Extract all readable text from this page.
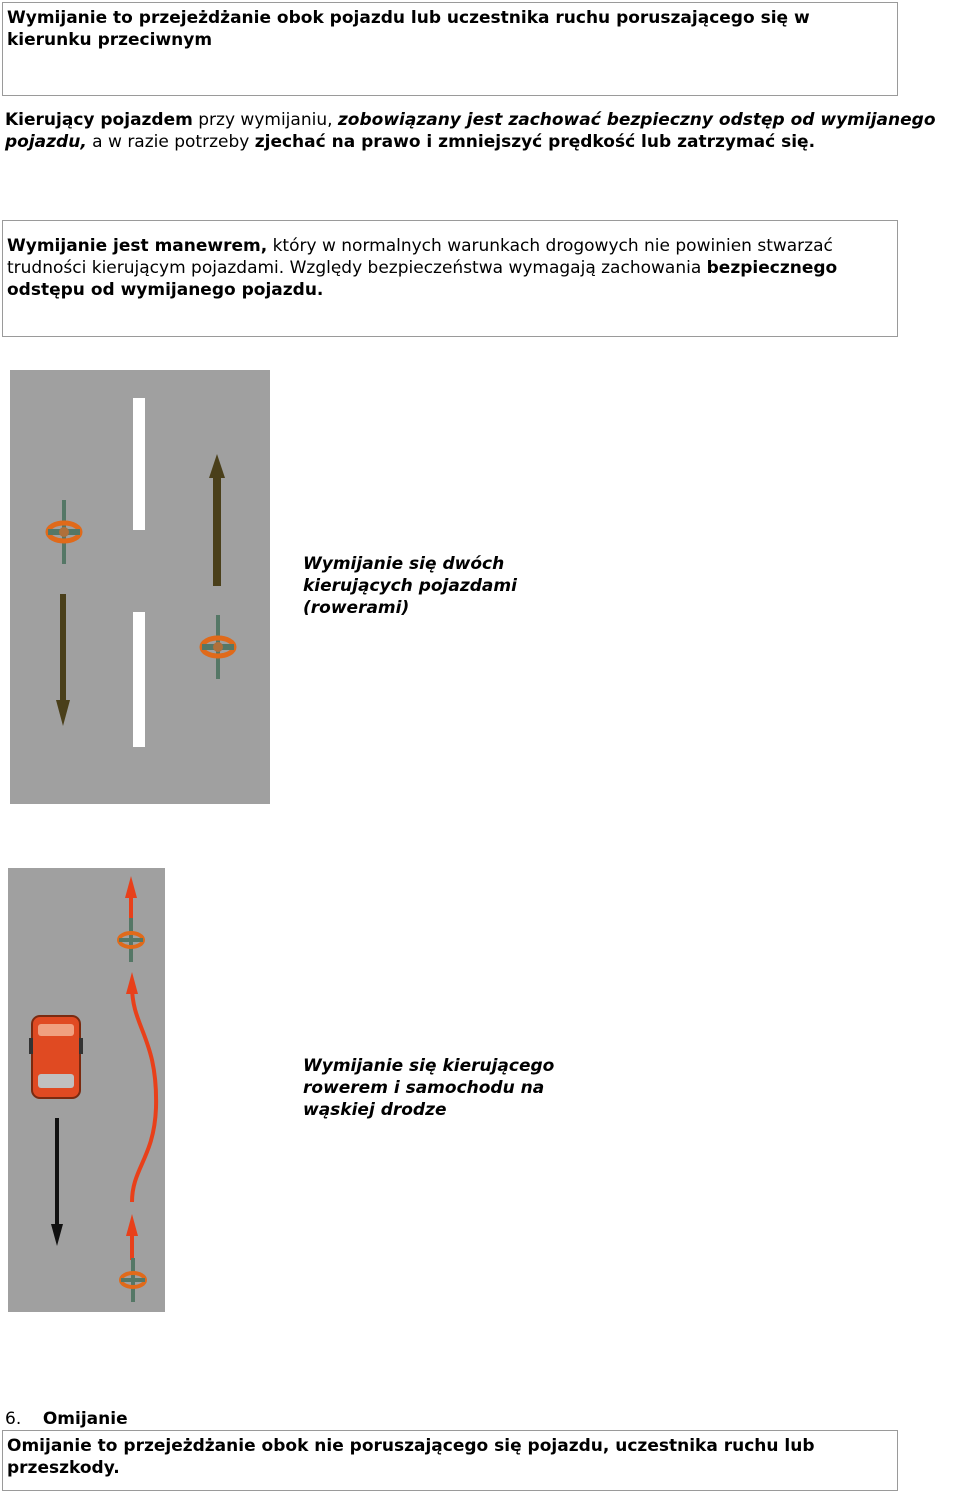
Wymijanie to przejeżdżanie obok pojazdu lub uczestnika ruchu poruszającego się w kierunku przeciwnym
Kierujący pojazdem przy wymijaniu, zobowiązany jest zachować bezpieczny odstęp od wymijanego pojazdu, a w razie potrzeby zjechać na prawo i zmniejszyć prędkość lub zatrzymać się.
Wymijanie jest manewrem, który w normalnych warunkach drogowych nie powinien stwarzać trudności kierującym pojazdami. Względy bezpieczeństwa wymagają zachowania bezpiecznego odstępu od wymijanego pojazdu.
Wymijanie się dwóch kierujących pojazdami (rowerami)
Wymijanie się kierującego rowerem i samochodu na wąskiej drodze
6. Omijanie
Omijanie to przejeżdżanie obok nie poruszającego się pojazdu, uczestnika ruchu lub przeszkody.
